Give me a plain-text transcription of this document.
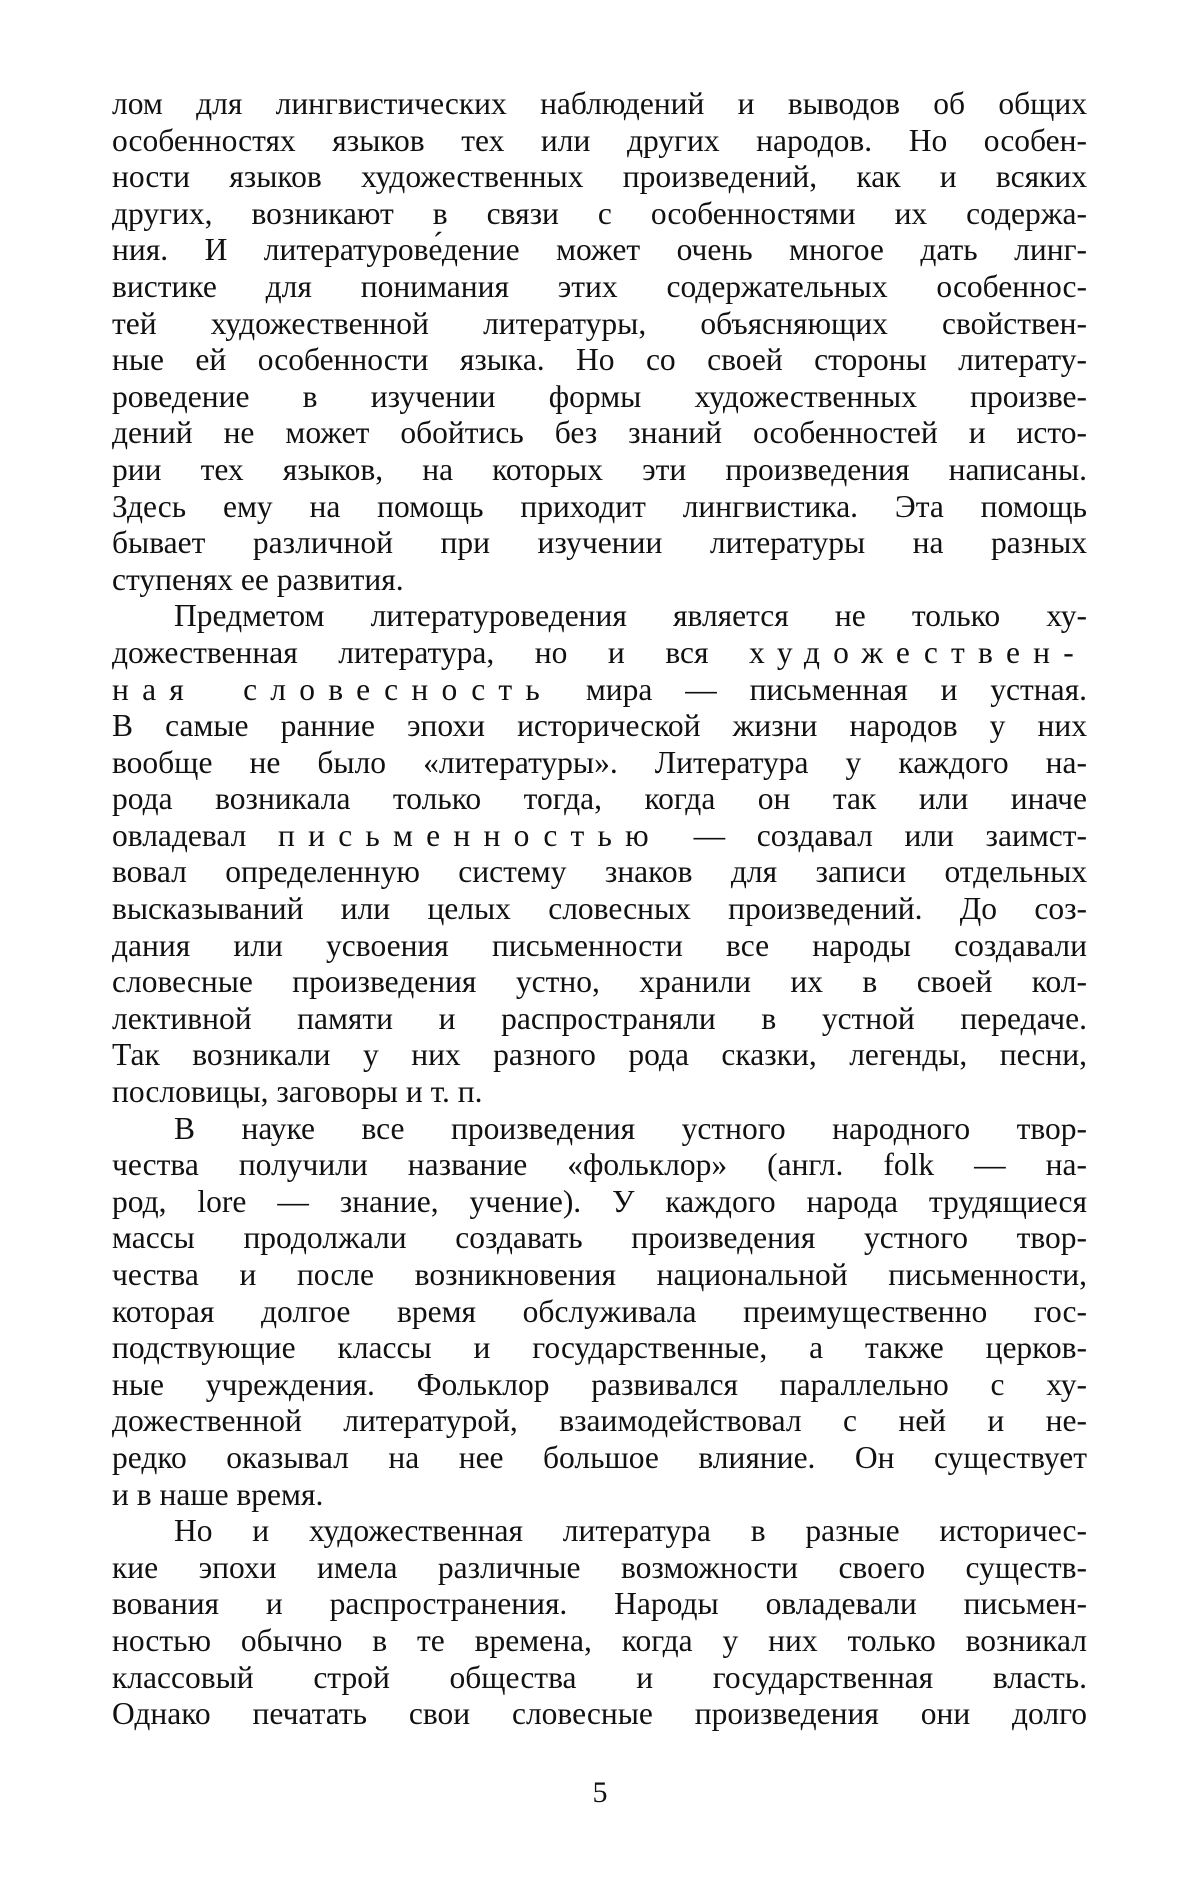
лом для лингвистических наблюдений и выводов об общих
особенностях языков тех или других народов. Но особен-
ности языков художественных произведений, как и всяких
других, возникают в связи с особенностями их содержа-
ния. И литературове́дение может очень многое дать линг-
вистике для понимания этих содержательных особеннос-
тей художественной литературы, объясняющих свойствен-
ные ей особенности языка. Но со своей стороны литерату-
роведение в изучении формы художественных произве-
дений не может обойтись без знаний особенностей и исто-
рии тех языков, на которых эти произведения написаны.
Здесь ему на помощь приходит лингвистика. Эта помощь
бывает различной при изучении литературы на разных
ступенях ее развития.
Предметом литературоведения является не только ху-
дожественная литература, но и вся художествен-
ная словесность мира — письменная и устная.
В самые ранние эпохи исторической жизни народов у них
вообще не было «литературы». Литература у каждого на-
рода возникала только тогда, когда он так или иначе
овладевал письменностью — создавал или заимст-
вовал определенную систему знаков для записи отдельных
высказываний или целых словесных произведений. До соз-
дания или усвоения письменности все народы создавали
словесные произведения устно, хранили их в своей кол-
лективной памяти и распространяли в устной передаче.
Так возникали у них разного рода сказки, легенды, песни,
пословицы, заговоры и т. п.
В науке все произведения устного народного твор-
чества получили название «фольклор» (англ. folk — на-
род, lore — знание, учение). У каждого народа трудящиеся
массы продолжали создавать произведения устного твор-
чества и после возникновения национальной письменности,
которая долгое время обслуживала преимущественно гос-
подствующие классы и государственные, а также церков-
ные учреждения. Фольклор развивался параллельно с ху-
дожественной литературой, взаимодействовал с ней и не-
редко оказывал на нее большое влияние. Он существует
и в наше время.
Но и художественная литература в разные историчес-
кие эпохи имела различные возможности своего существ-
вования и распространения. Народы овладевали письмен-
ностью обычно в те времена, когда у них только возникал
классовый строй общества и государственная власть.
Однако печатать свои словесные произведения они долго
5
